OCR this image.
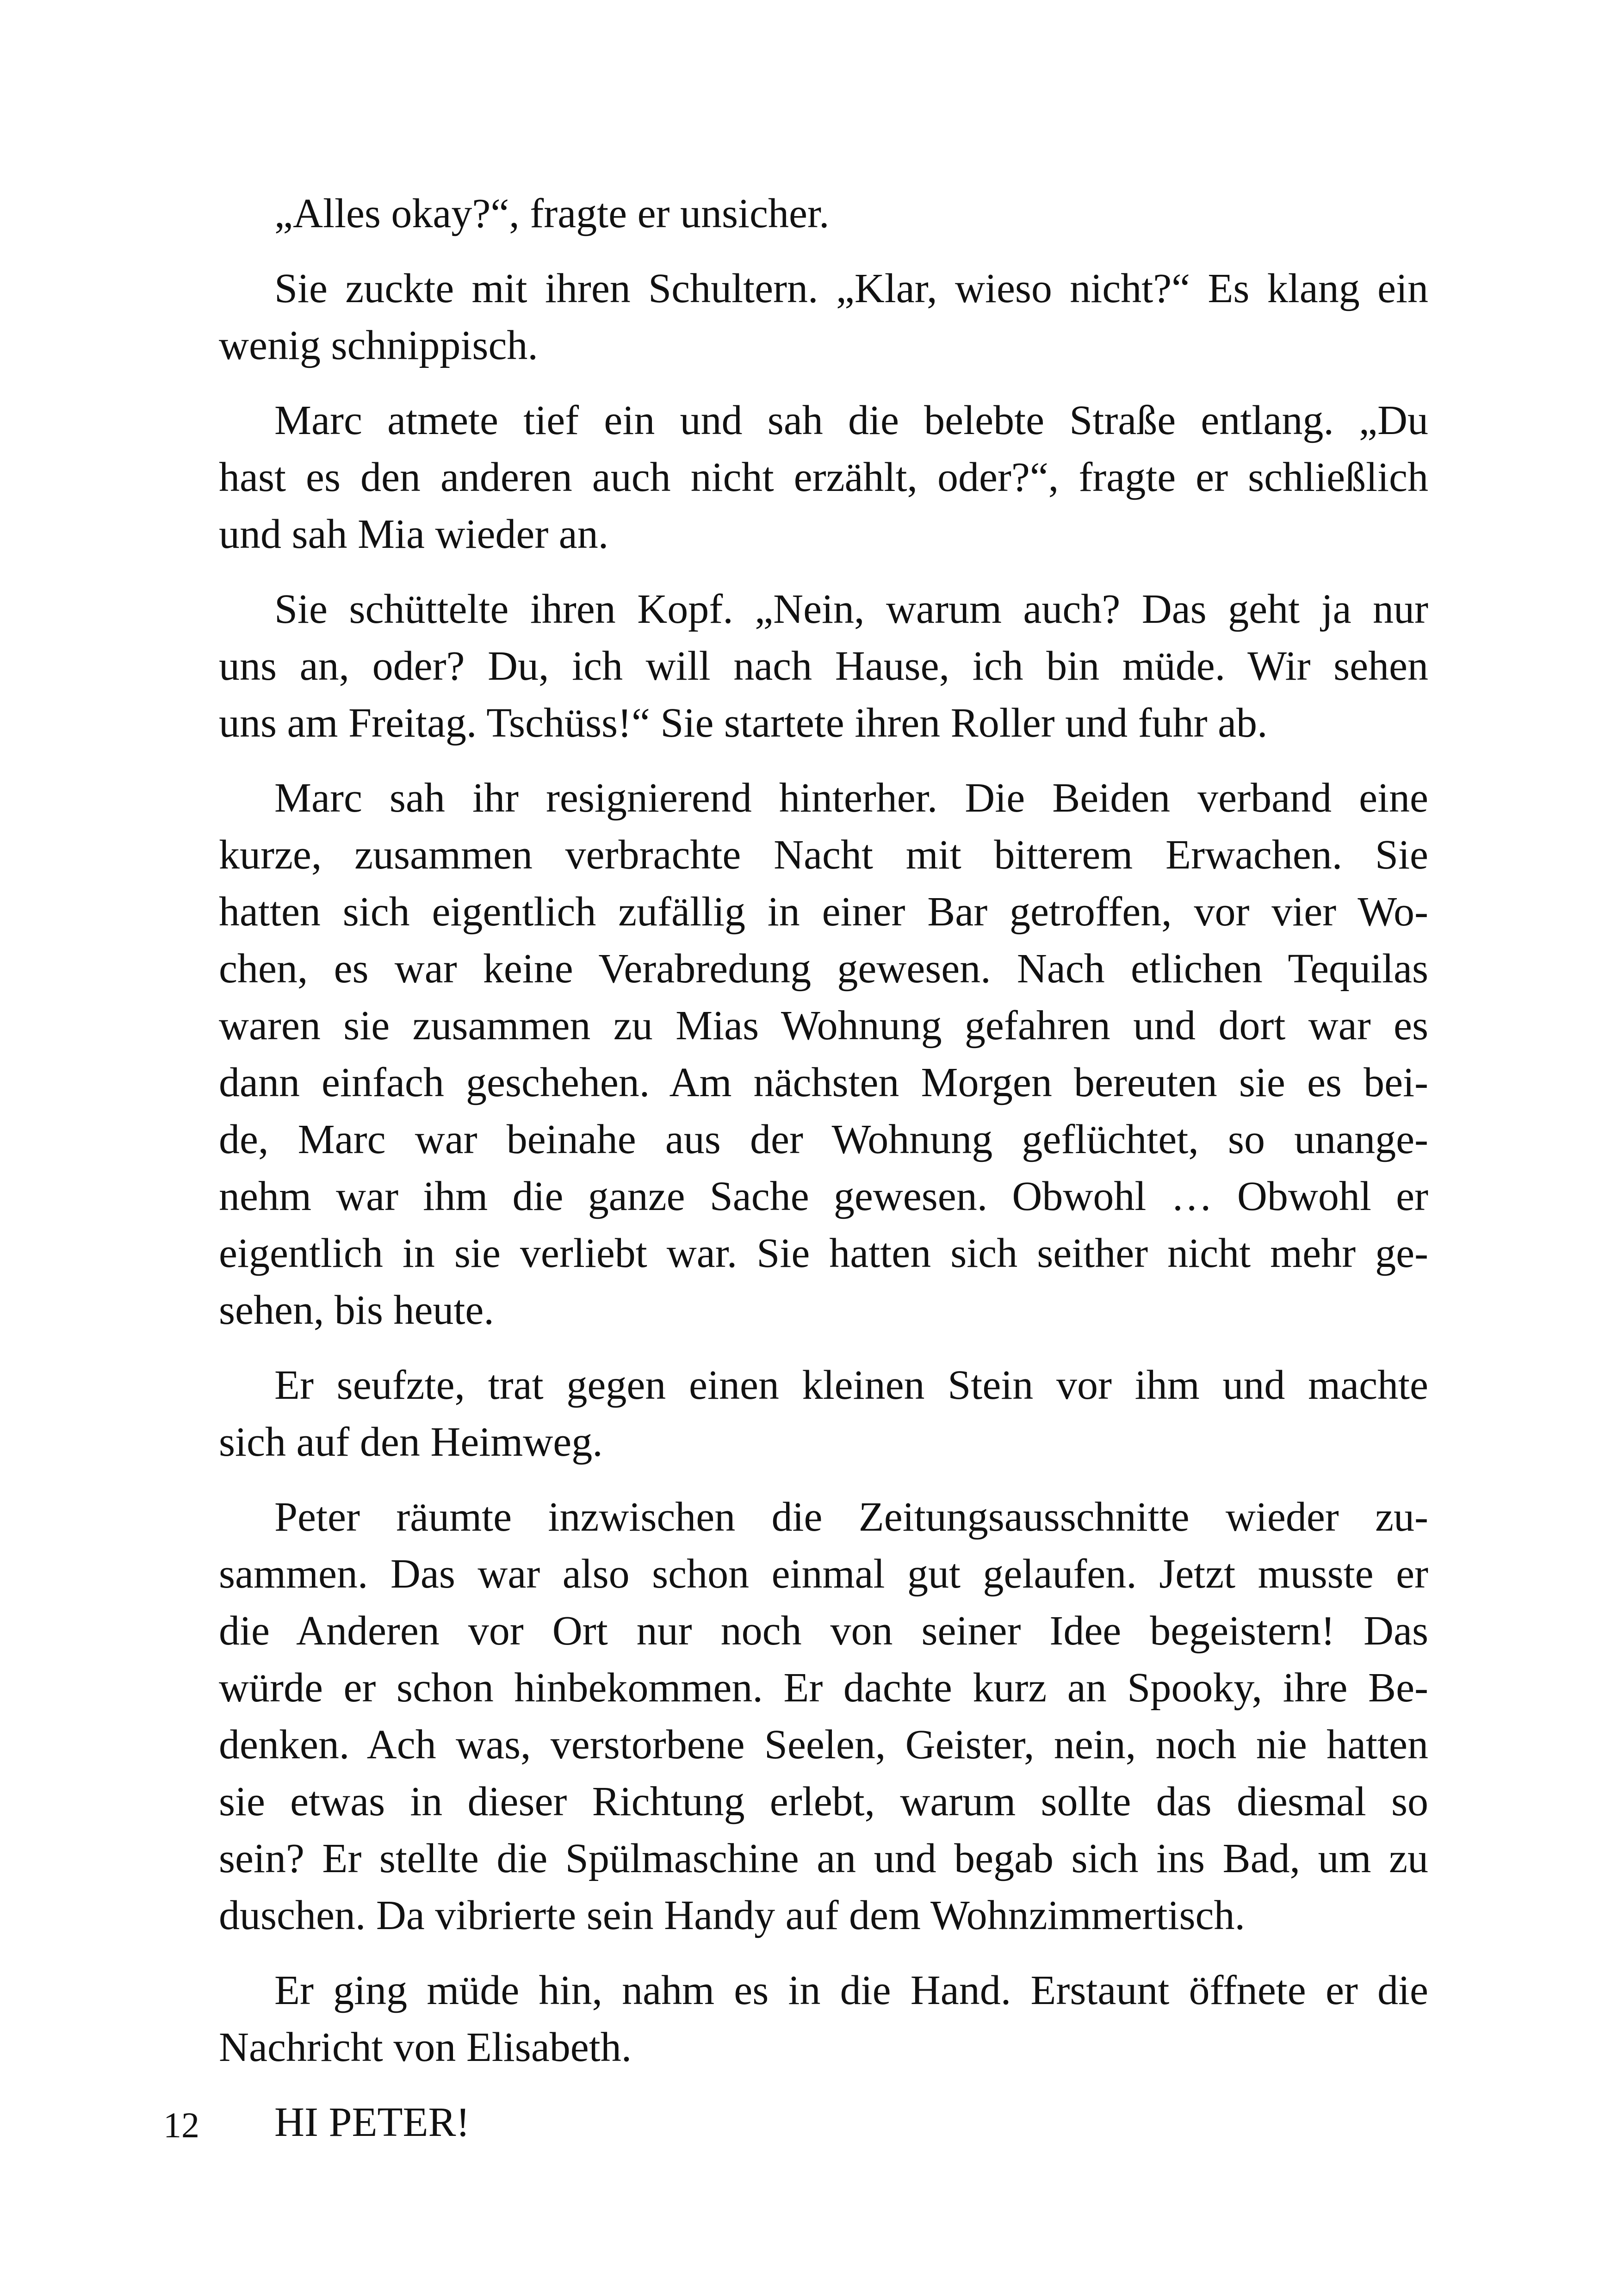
„Alles okay?“, fragte er unsicher.

Sie zuckte mit ihren Schultern. „Klar, wieso nicht?“ Es klang ein
wenig schnippisch.

Marc atmete tief ein und sah die belebte Straße entlang. „Du
hast es den anderen auch nicht erzählt, oder?“, fragte er schließlich
und sah Mia wieder an.

Sie schüttelte ihren Kopf. „Nein, warum auch? Das geht ja nur
uns an, oder? Du, ich will nach Hause, ich bin müde. Wir sehen
uns am Freitag. Tschüss!“ Sie startete ihren Roller und fuhr ab.

Marc sah ihr resignierend hinterher. Die Beiden verband eine
kurze, zusammen verbrachte Nacht mit bitterem Erwachen. Sie
hatten sich eigentlich zufällig in einer Bar getroffen, vor vier Wo-
chen, es war keine Verabredung gewesen. Nach etlichen Tequilas
waren sie zusammen zu Mias Wohnung gefahren und dort war es
dann einfach geschehen. Am nächsten Morgen bereuten sie es bei-
de, Marc war beinahe aus der Wohnung geflüchtet, so unange-
nehm war ihm die ganze Sache gewesen. Obwohl … Obwohl er
eigentlich in sie verliebt war. Sie hatten sich seither nicht mehr ge-
sehen, bis heute.

Er seufzte, trat gegen einen kleinen Stein vor ihm und machte
sich auf den Heimweg.

Peter räumte inzwischen die Zeitungsausschnitte wieder zu-
sammen. Das war also schon einmal gut gelaufen. Jetzt musste er
die Anderen vor Ort nur noch von seiner Idee begeistern! Das
würde er schon hinbekommen. Er dachte kurz an Spooky, ihre Be-
denken. Ach was, verstorbene Seelen, Geister, nein, noch nie hatten
sie etwas in dieser Richtung erlebt, warum sollte das diesmal so
sein? Er stellte die Spülmaschine an und begab sich ins Bad, um zu
duschen. Da vibrierte sein Handy auf dem Wohnzimmertisch.

Er ging müde hin, nahm es in die Hand. Erstaunt öffnete er die
Nachricht von Elisabeth.

HI PETER!

12
